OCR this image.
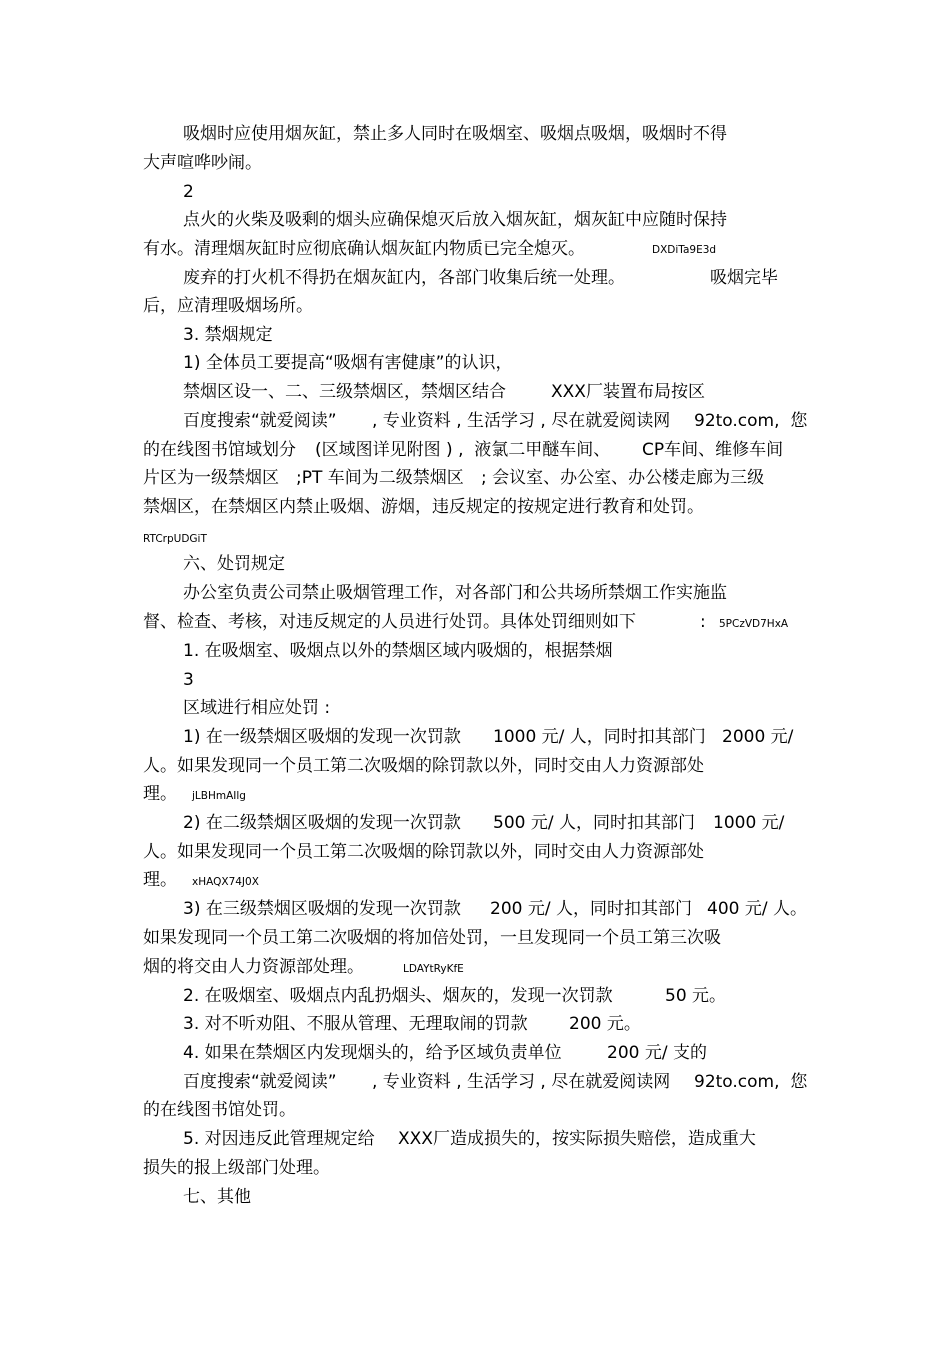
吸烟时应使用烟灰缸，禁止多人同时在吸烟室、吸烟点吸烟，吸烟时不得

大声喧哗吵闹。

2

点火的火柴及吸剩的烟头应确保熄灭后放入烟灰缸，烟灰缸中应随时保持

有水。清理烟灰缸时应彻底确认烟灰缸内物质已完全熄灭。	DXDiTa9E3d

废弃的打火机不得扔在烟灰缸内，各部门收集后统一处理。	吸烟完毕

后，应清理吸烟场所。

3. 禁烟规定

1) 全体员工要提高“吸烟有害健康”的认识，

禁烟区设一、二、三级禁烟区，禁烟区结合	XXX厂装置布局按区

百度搜索“就爱阅读” , 专业资料 , 生活学习 , 尽在就爱阅读网 92to.com,  您

的在线图书馆域划分 (区域图详见附图 ) ,  液氯二甲醚车间、 CP车间、维修车间

片区为一级禁烟区 ;PT 车间为二级禁烟区 ; 会议室、办公室、办公楼走廊为三级

禁烟区，在禁烟区内禁止吸烟、游烟，违反规定的按规定进行教育和处罚。

RTCrpUDGiT

六、处罚规定

办公室负责公司禁止吸烟管理工作，对各部门和公共场所禁烟工作实施监

督、检查、考核，对违反规定的人员进行处罚。具体处罚细则如下	: 5PCzVD7HxA

1. 在吸烟室、吸烟点以外的禁烟区域内吸烟的，根据禁烟

3

区域进行相应处罚 :

1) 在一级禁烟区吸烟的发现一次罚款 1000 元/ 人，同时扣其部门 2000 元/

人。如果发现同一个员工第二次吸烟的除罚款以外，同时交由人力资源部处

理。 jLBHmAIlg

2) 在二级禁烟区吸烟的发现一次罚款 500 元/ 人，同时扣其部门 1000 元/

人。如果发现同一个员工第二次吸烟的除罚款以外，同时交由人力资源部处

理。 xHAQX74J0X

3) 在三级禁烟区吸烟的发现一次罚款 200 元/ 人，同时扣其部门 400 元/ 人。

如果发现同一个员工第二次吸烟的将加倍处罚，一旦发现同一个员工第三次吸

烟的将交由人力资源部处理。	LDAYtRyKfE

2. 在吸烟室、吸烟点内乱扔烟头、烟灰的，发现一次罚款	50 元。

3. 对不听劝阻、不服从管理、无理取闹的罚款 200 元。

4. 如果在禁烟区内发现烟头的，给予区域负责单位	200 元/ 支的

百度搜索“就爱阅读” , 专业资料 , 生活学习 , 尽在就爱阅读网 92to.com,  您

的在线图书馆处罚。

5. 对因违反此管理规定给 XXX厂造成损失的，按实际损失赔偿，造成重大

损失的报上级部门处理。

七、其他
